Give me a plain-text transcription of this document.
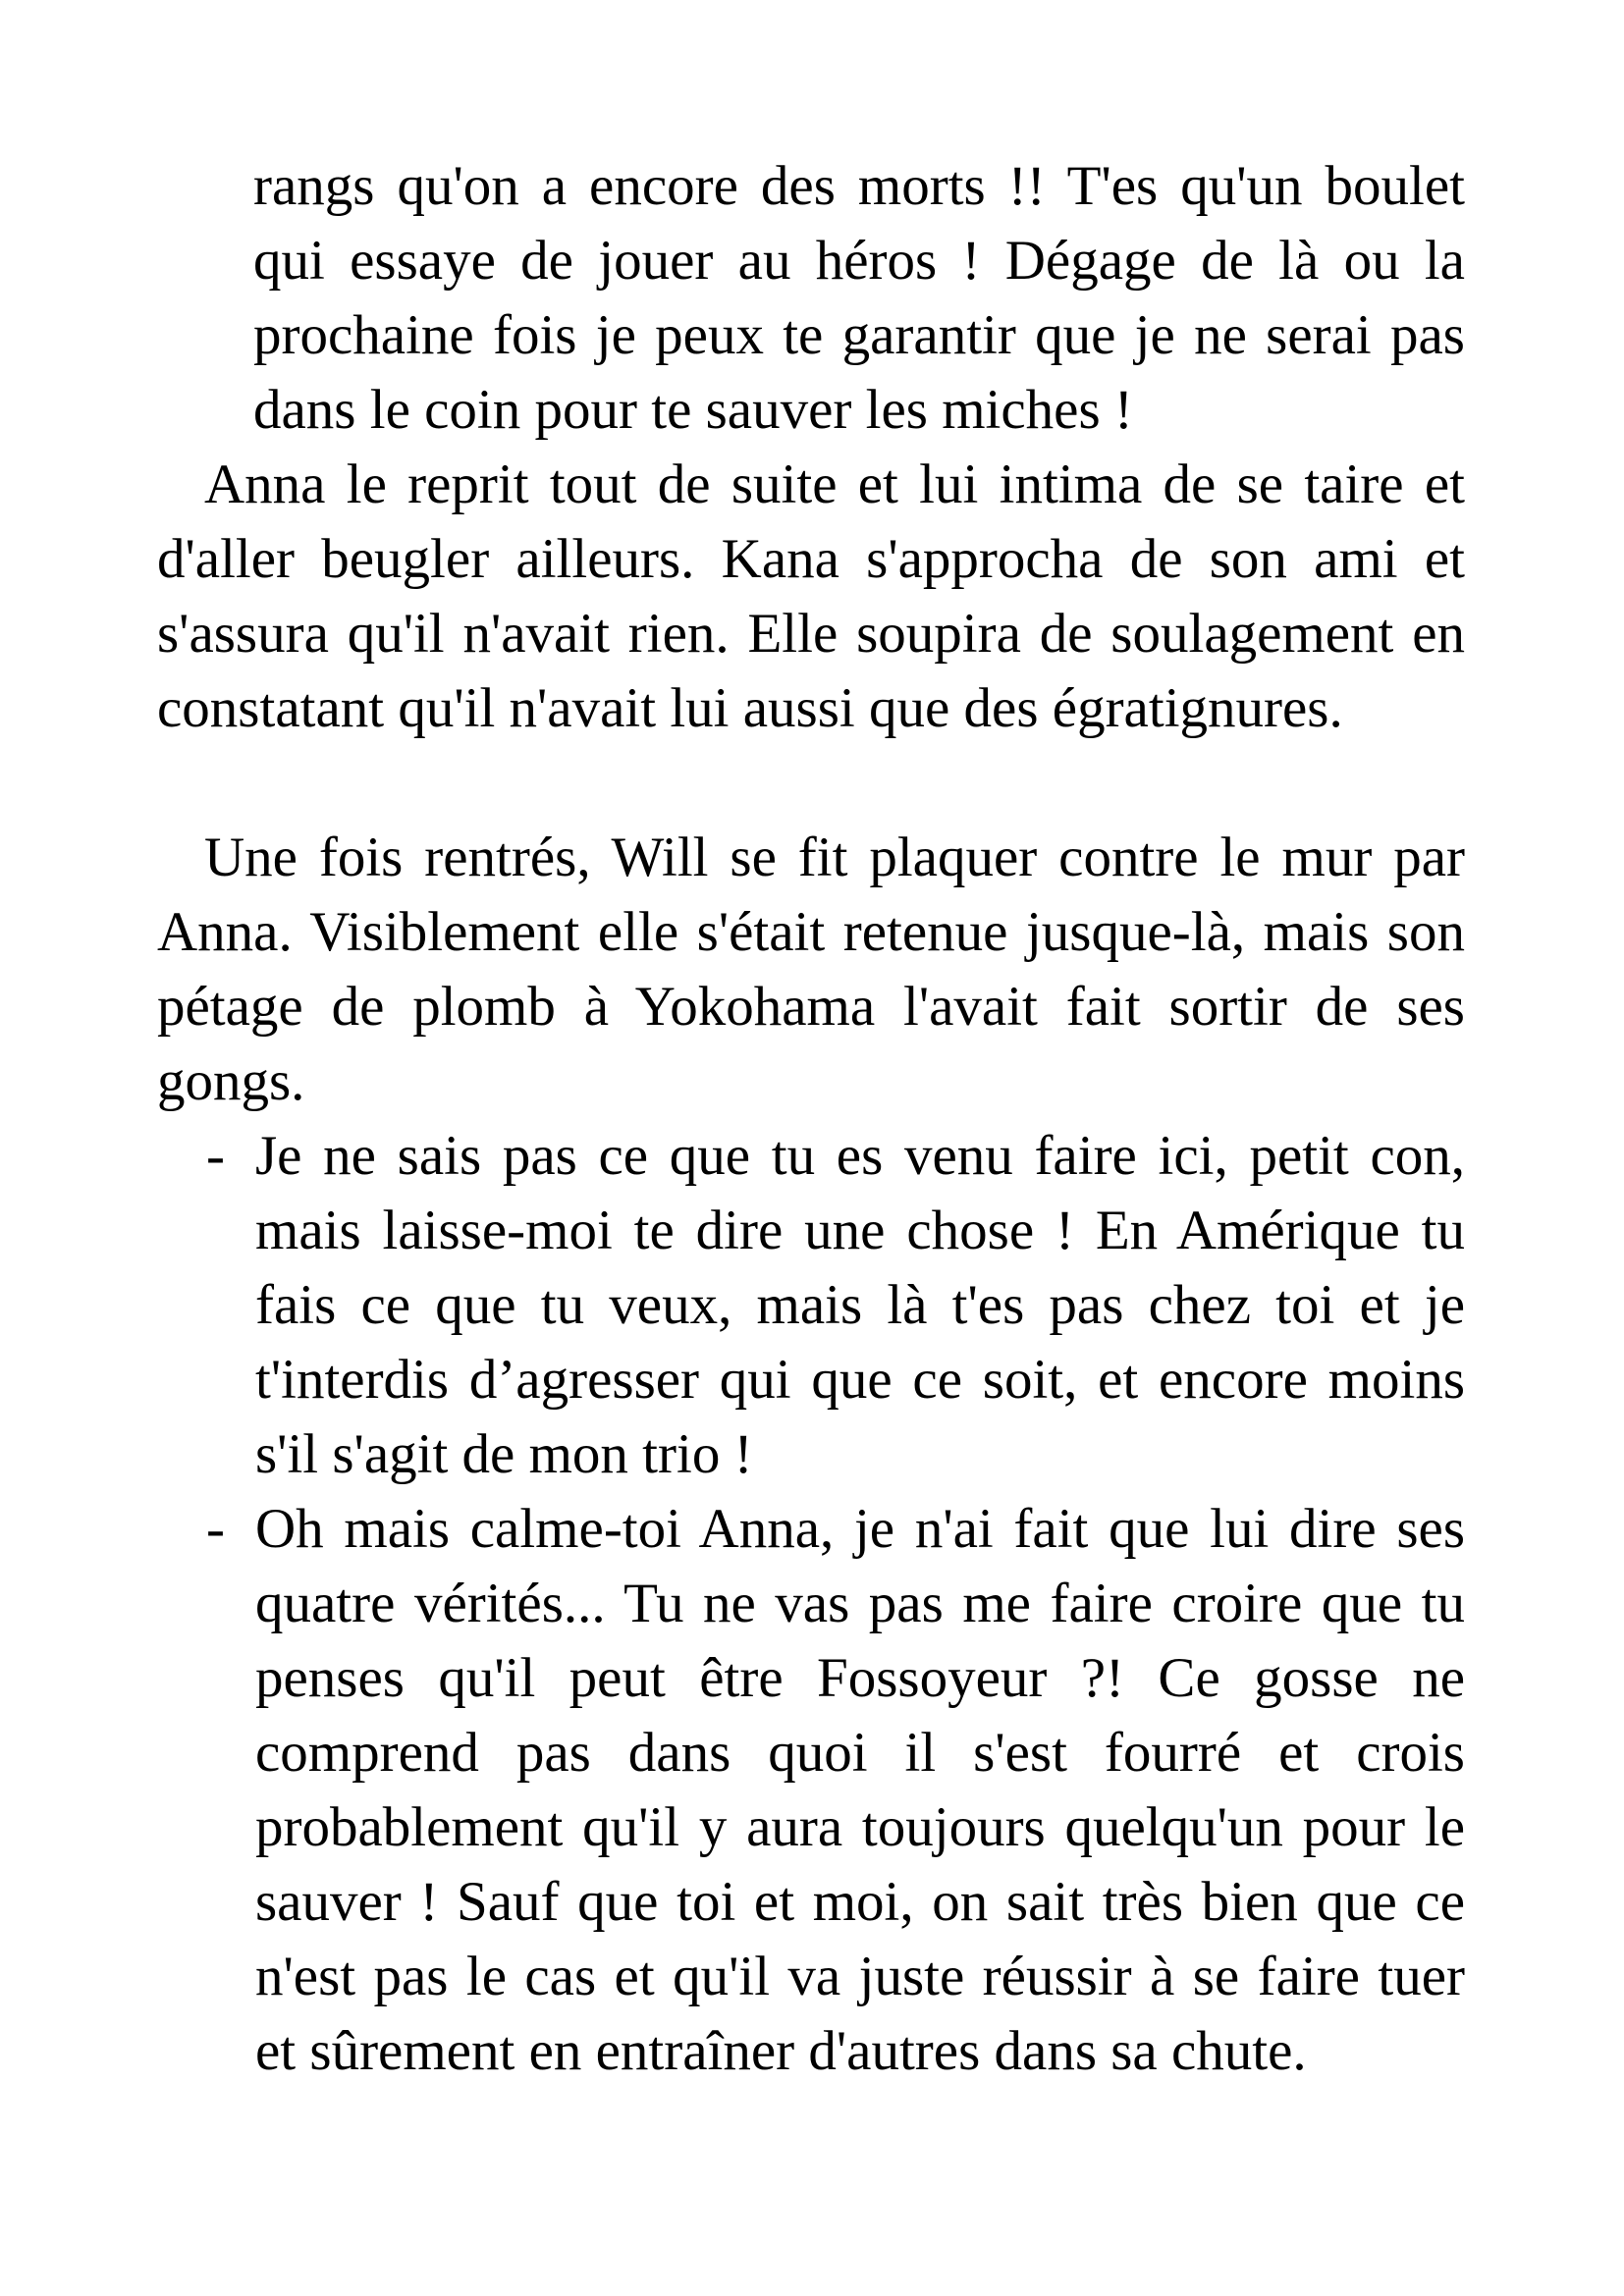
rangs qu'on a encore des morts !! T'es qu'un boulet
qui essaye de jouer au héros ! Dégage de là ou la
prochaine fois je peux te garantir que je ne serai pas
dans le coin pour te sauver les miches !
Anna le reprit tout de suite et lui intima de se taire et
d'aller beugler ailleurs. Kana s'approcha de son ami et
s'assura qu'il n'avait rien. Elle soupira de soulagement en
constatant qu'il n'avait lui aussi que des égratignures.
Une fois rentrés, Will se fit plaquer contre le mur par
Anna. Visiblement elle s'était retenue jusque-là, mais son
pétage de plomb à Yokohama l'avait fait sortir de ses
gongs.
- Je ne sais pas ce que tu es venu faire ici, petit con,
mais laisse-moi te dire une chose ! En Amérique tu
fais ce que tu veux, mais là t'es pas chez toi et je
t'interdis d’agresser qui que ce soit, et encore moins
s'il s'agit de mon trio !
- Oh mais calme-toi Anna, je n'ai fait que lui dire ses
quatre vérités... Tu ne vas pas me faire croire que tu
penses qu'il peut être Fossoyeur ?! Ce gosse ne
comprend pas dans quoi il s'est fourré et crois
probablement qu'il y aura toujours quelqu'un pour le
sauver ! Sauf que toi et moi, on sait très bien que ce
n'est pas le cas et qu'il va juste réussir à se faire tuer
et sûrement en entraîner d'autres dans sa chute.
